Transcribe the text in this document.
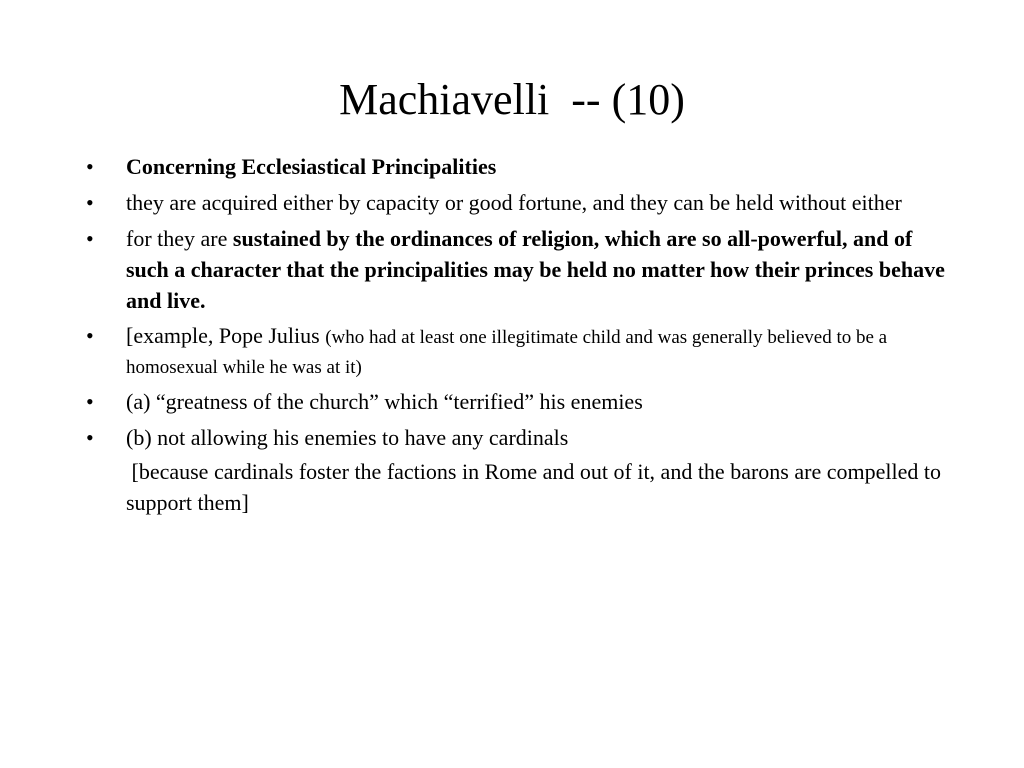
Machiavelli  -- (10)
•	Concerning Ecclesiastical Principalities
•	they are acquired either by capacity or good fortune, and they can be held without either
•	for they are sustained by the ordinances of religion, which are so all-powerful, and of such a character that the principalities may be held no matter how their princes behave and live.
•	[example, Pope Julius (who had at least one illegitimate child and was generally believed to be a homosexual while he was at it)
•	(a) “greatness of the church” which “terrified” his enemies
•	(b) not allowing his enemies to have any cardinals
[because cardinals foster the factions in Rome and out of it, and the barons are compelled to support them]
